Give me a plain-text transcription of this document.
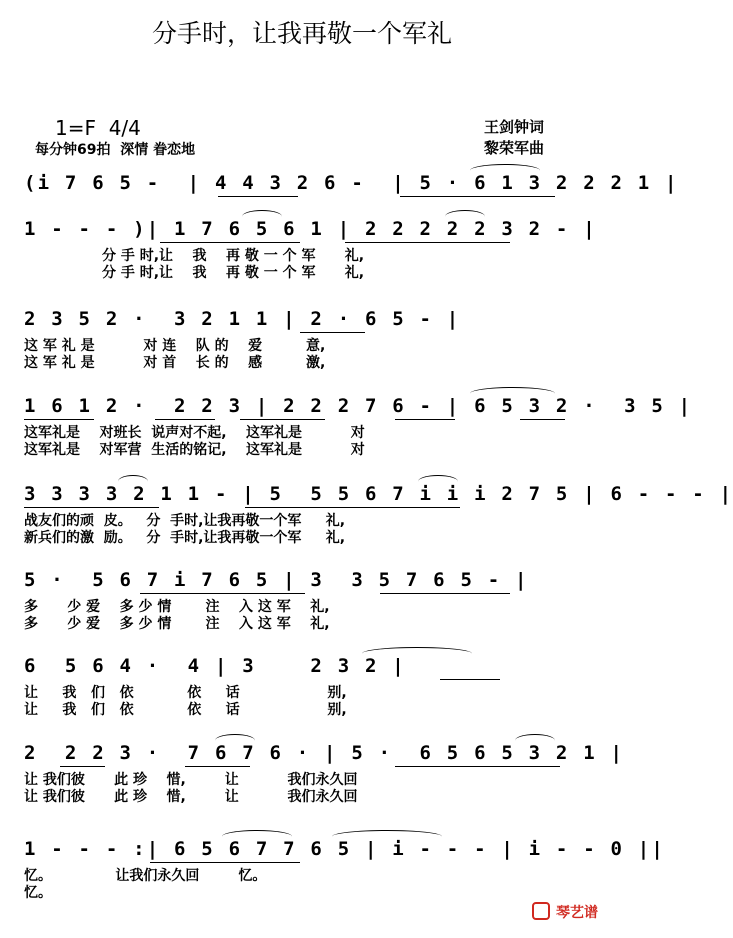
分手时，让我再敬一个军礼
1=F  4/4
每分钟69拍  深情 眷恋地
王剑钟词
黎荣军曲
(i 7 6 5 -  | 4 4 3 2 6 -  | 5 · 6 1 3 2 2 2 1 |
1 - - - )| 1 7 6 5 6 1 | 2 2 2 2 2 3 2 - |
分 手 时,让    我    再 敬 一 个 军      礼,
分 手 时,让    我    再 敬 一 个 军      礼,
2 3 5 2 ·  3 2 1 1 | 2 · 6 5 - |
这 军 礼 是          对 连    队 的    爱         意,
这 军 礼 是          对 首    长 的    感         激,
1 6 1 2 ·  2 2 3 | 2 2 2 7 6 - | 6 5 3 2 ·  3 5 |
这军礼是    对班长  说声对不起,    这军礼是          对
这军礼是    对军营  生活的铭记,    这军礼是          对
3 3 3 3 2 1 1 - | 5  5 5 6 7 i i i 2 7 5 | 6 - - - |
战友们的顽  皮。   分  手时,让我再敬一个军     礼,
新兵们的激  励。   分  手时,让我再敬一个军     礼,
5 ·  5 6 7 i 7 6 5 | 3  3 5 7 6 5 - |
多      少 爱    多 少 情       注    入 这 军    礼,
多      少 爱    多 少 情       注    入 这 军    礼,
6  5 6 4 ·  4 | 3    2 3 2 |
让     我   们   依           依     话                  别,
让     我   们   依           依     话                  别,
2  2 2 3 ·  7 6 7 6 · | 5 ·  6 5 6 5 3 2 1 |
让 我们彼      此 珍    惜,        让          我们永久回
让 我们彼      此 珍    惜,        让          我们永久回
1 - - - :| 6 5 6 7 7 6 5 | i - - - | i - - 0 ||
忆。             让我们永久回        忆。
忆。
琴艺谱
